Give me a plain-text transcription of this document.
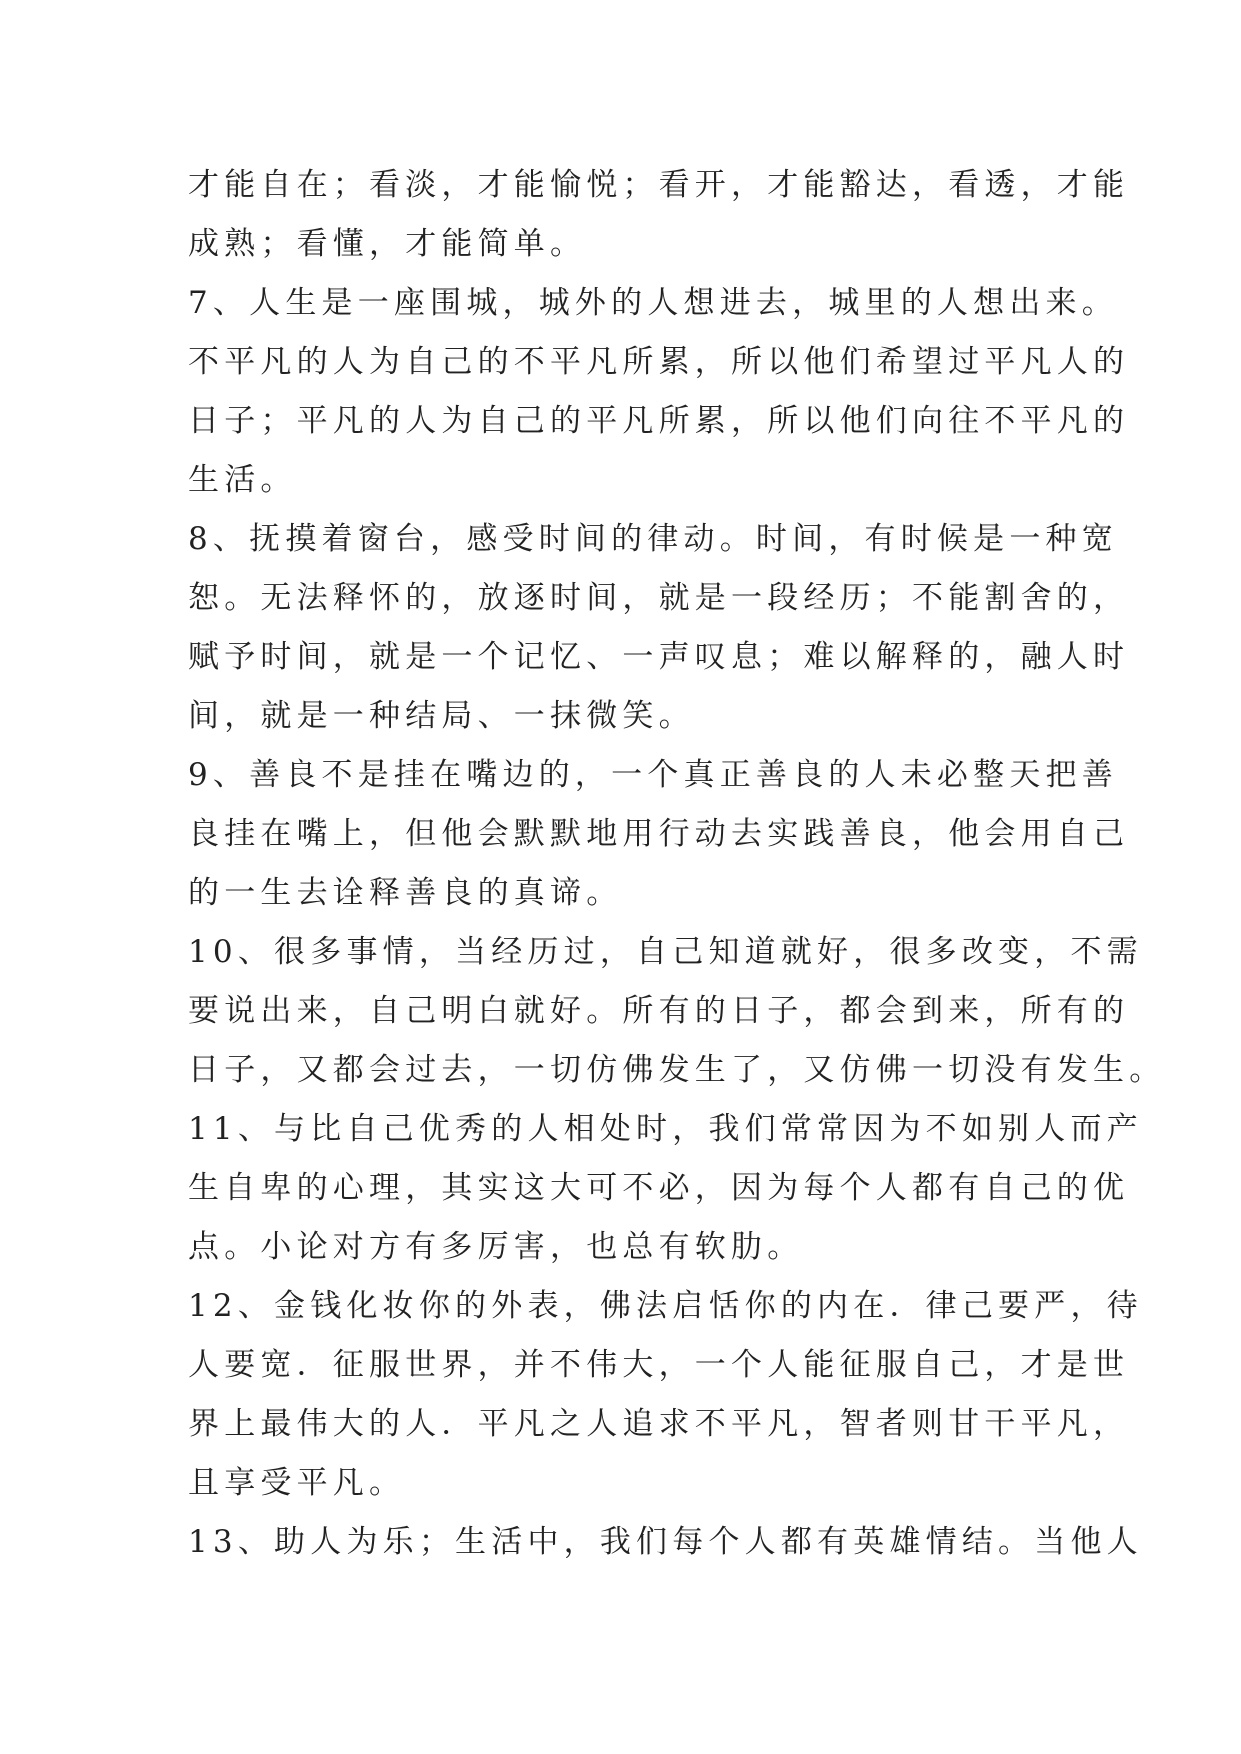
才能自在；看淡，才能愉悦；看开，才能豁达，看透，才能
成熟；看懂，才能简单。
7、人生是一座围城，城外的人想进去，城里的人想出来。
不平凡的人为自己的不平凡所累，所以他们希望过平凡人的
日子；平凡的人为自己的平凡所累，所以他们向往不平凡的
生活。
8、抚摸着窗台，感受时间的律动。时间，有时候是一种宽
恕。无法释怀的，放逐时间，就是一段经历；不能割舍的，
赋予时间，就是一个记忆、一声叹息；难以解释的，融人时
间，就是一种结局、一抹微笑。
9、善良不是挂在嘴边的，一个真正善良的人未必整天把善
良挂在嘴上，但他会默默地用行动去实践善良，他会用自己
的一生去诠释善良的真谛。
10、很多事情，当经历过，自己知道就好，很多改变，不需
要说出来，自己明白就好。所有的日子，都会到来，所有的
日子，又都会过去，一切仿佛发生了，又仿佛一切没有发生。
11、与比自己优秀的人相处时，我们常常因为不如别人而产
生自卑的心理，其实这大可不必，因为每个人都有自己的优
点。小论对方有多厉害，也总有软肋。
12、金钱化妆你的外表，佛法启恬你的内在．律己要严，待
人要宽．征服世界，并不伟大，一个人能征服自己，才是世
界上最伟大的人．平凡之人追求不平凡，智者则甘干平凡，
且享受平凡。
13、助人为乐；生活中，我们每个人都有英雄情结。当他人
